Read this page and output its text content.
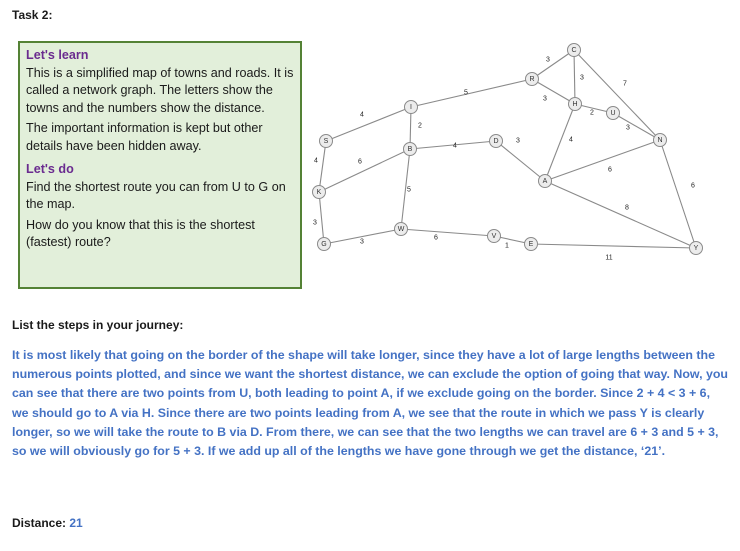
Task 2:

Let's learn

This is a simplified map of towns and roads. It is called a network graph. The letters show the towns and the numbers show the distance.

The important information is kept but other details have been hidden away.

Let's do

Find the shortest route you can from U to G on the map.

How do you know that this is the shortest (fastest) route?

4
4	6
3
3
5
6
1
11
2
5
4
3
3
3
3
7
2
3
4
6
8
6
C
R
H
U
I
S
B
D	N
K
A
W
G
V
E
Y
List the steps in your journey:

It is most likely that going on the border of the shape will take longer, since they have a lot of large lengths between the numerous points plotted, and since we want the shortest distance, we can exclude the option of going that way. Now, you can see that there are two points from U, both leading to point A, if we exclude going on the border. Since 2 + 4 < 3 + 6, we should go to A via H. Since there are two points leading from A, we see that the route in which we pass Y is clearly longer, so we will take the route to B via D. From there, we can see that the two lengths we can travel are 6 + 3 and 5 + 3, so we will obviously go for 5 + 3. If we add up all of the lengths we have gone through we get the distance, ‘21’.

Distance: 21
